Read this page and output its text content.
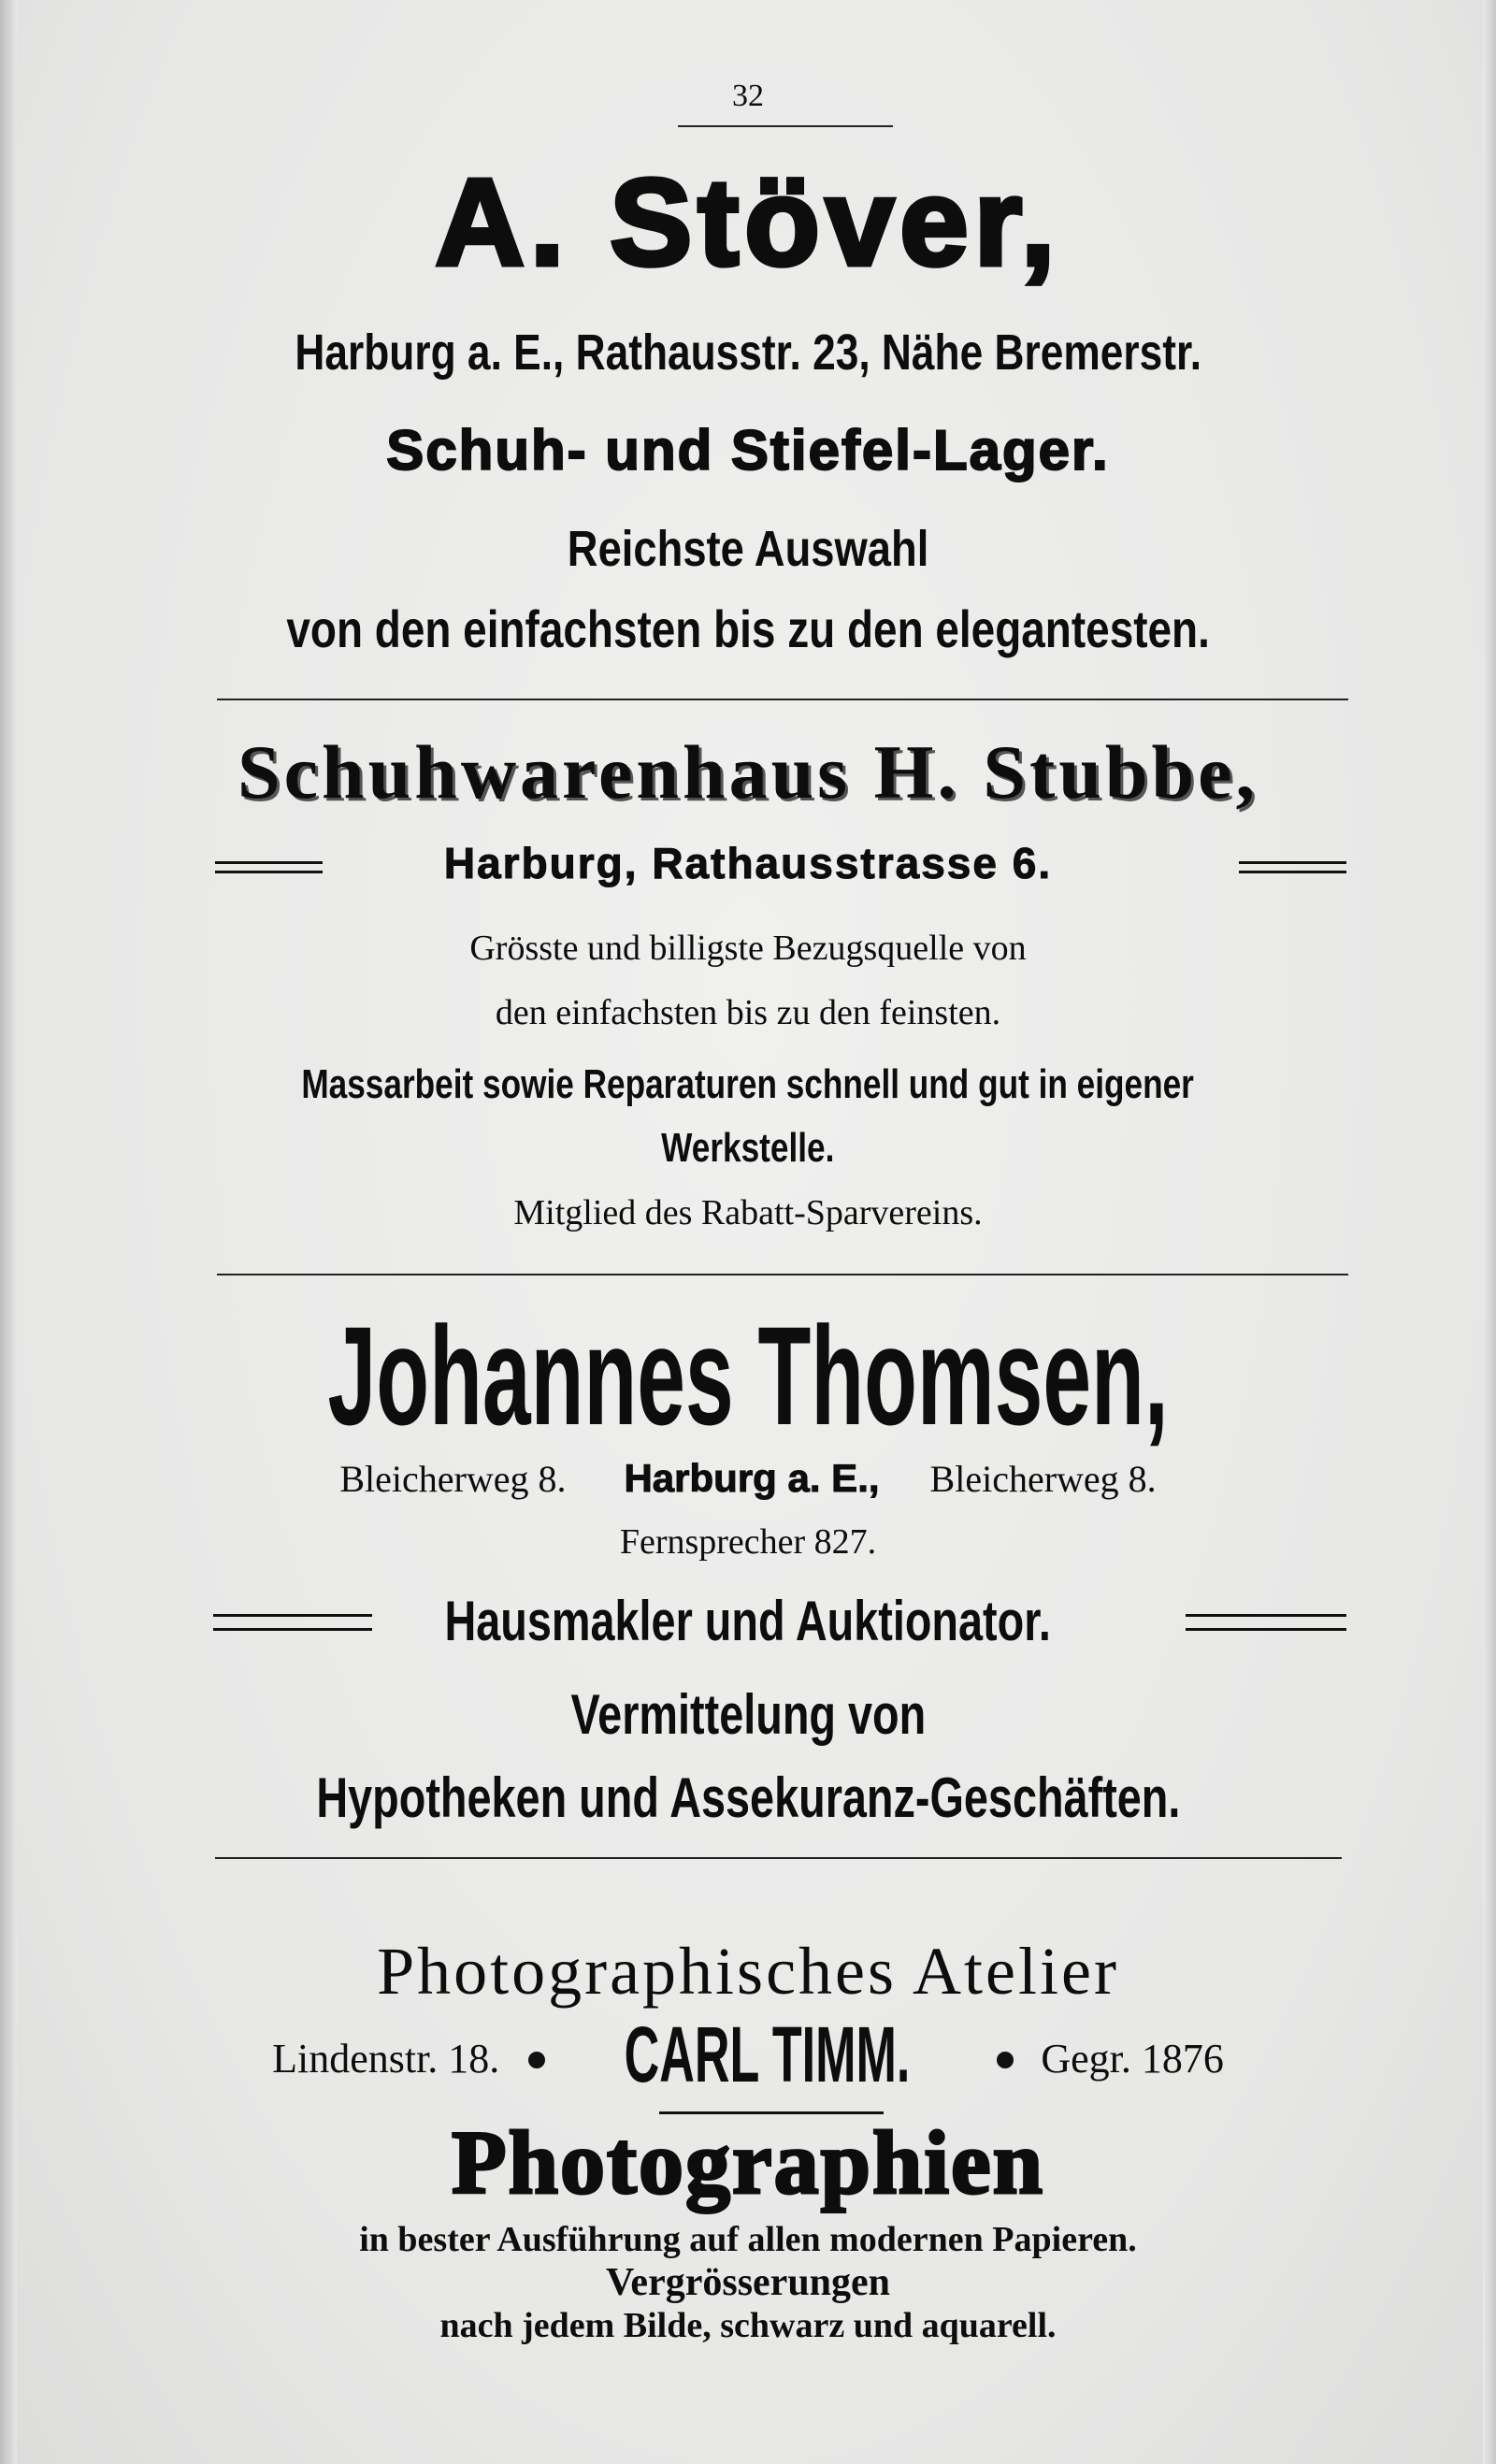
32
A. Stöver,
Harburg a. E., Rathausstr. 23, Nähe Bremerstr.
Schuh- und Stiefel-Lager.
Reichste Auswahl
von den einfachsten bis zu den elegantesten.
Schuhwarenhaus H. Stubbe,
Harburg, Rathausstrasse 6.
Grösste und billigste Bezugsquelle von
den einfachsten bis zu den feinsten.
Massarbeit sowie Reparaturen schnell und gut in eigener
Werkstelle.
Mitglied des Rabatt-Sparvereins.
Johannes Thomsen,
Bleicherweg 8. Harburg a. E., Bleicherweg 8.
Fernsprecher 827.
Hausmakler und Auktionator.
Vermittelung von
Hypotheken und Assekuranz-Geschäften.
Photographisches Atelier
Lindenstr. 18. CARL TIMM.	Gegr. 1876
Photographien
in bester Ausführung auf allen modernen Papieren.
Vergrösserungen
nach jedem Bilde, schwarz und aquarell.
